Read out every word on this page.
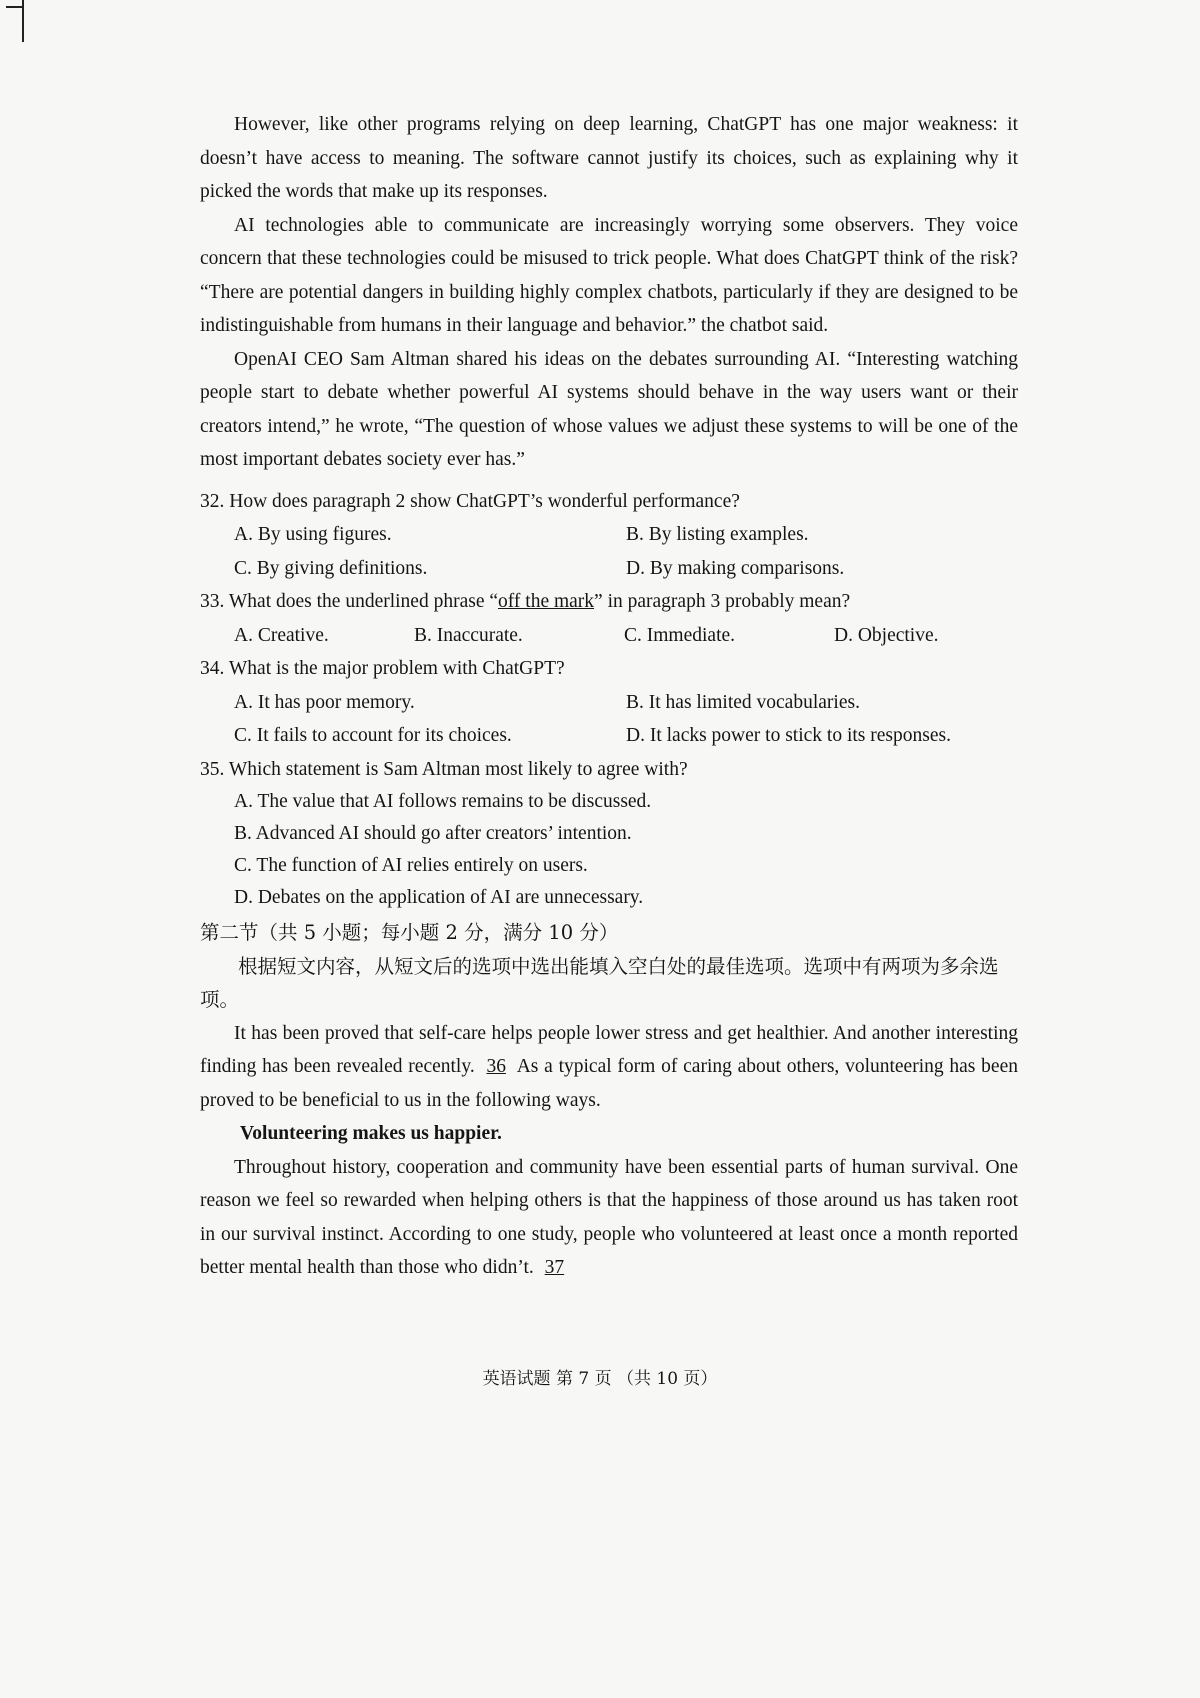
However, like other programs relying on deep learning, ChatGPT has one major weakness: it doesn’t have access to meaning. The software cannot justify its choices, such as explaining why it picked the words that make up its responses.

AI technologies able to communicate are increasingly worrying some observers. They voice concern that these technologies could be misused to trick people. What does ChatGPT think of the risk? “There are potential dangers in building highly complex chatbots, particularly if they are designed to be indistinguishable from humans in their language and behavior.” the chatbot said.

OpenAI CEO Sam Altman shared his ideas on the debates surrounding AI. “Interesting watching people start to debate whether powerful AI systems should behave in the way users want or their creators intend,” he wrote, “The question of whose values we adjust these systems to will be one of the most important debates society ever has.”

32. How does paragraph 2 show ChatGPT’s wonderful performance?

A. By using figures.	B. By listing examples.
C. By giving definitions.	D. By making comparisons.

33. What does the underlined phrase “off the mark” in paragraph 3 probably mean?

A. Creative.	B. Inaccurate.	C. Immediate.	D. Objective.

34. What is the major problem with ChatGPT?

A. It has poor memory.	B. It has limited vocabularies.
C. It fails to account for its choices.	D. It lacks power to stick to its responses.

35. Which statement is Sam Altman most likely to agree with?

A. The value that AI follows remains to be discussed.
B. Advanced AI should go after creators’ intention.
C. The function of AI relies entirely on users.
D. Debates on the application of AI are unnecessary.

第二节（共 5 小题；每小题 2 分，满分 10 分）

根据短文内容，从短文后的选项中选出能填入空白处的最佳选项。选项中有两项为多余选项。

It has been proved that self-care helps people lower stress and get healthier. And another interesting finding has been revealed recently. 36 As a typical form of caring about others, volunteering has been proved to be beneficial to us in the following ways.

Volunteering makes us happier.

Throughout history, cooperation and community have been essential parts of human survival. One reason we feel so rewarded when helping others is that the happiness of those around us has taken root in our survival instinct. According to one study, people who volunteered at least once a month reported better mental health than those who didn’t. 37

英语试题 第 7 页 （共 10 页）
